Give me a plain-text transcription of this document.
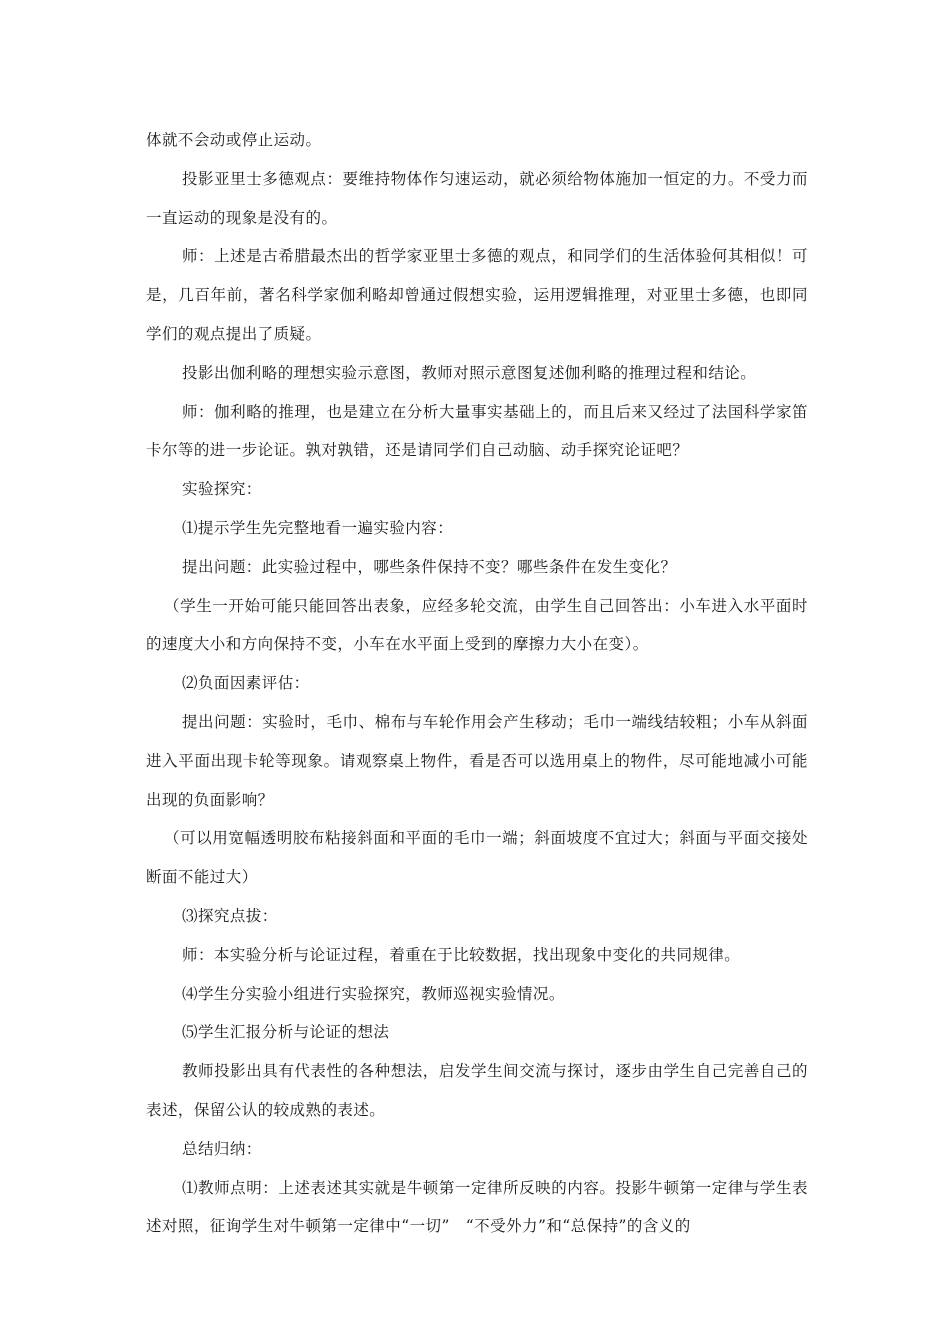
体就不会动或停止运动。

投影亚里士多德观点：要维持物体作匀速运动，就必须给物体施加一恒定的力。不受力而一直运动的现象是没有的。

师：上述是古希腊最杰出的哲学家亚里士多德的观点，和同学们的生活体验何其相似！可是，几百年前，著名科学家伽利略却曾通过假想实验，运用逻辑推理，对亚里士多德，也即同学们的观点提出了质疑。

投影出伽利略的理想实验示意图，教师对照示意图复述伽利略的推理过程和结论。

师：伽利略的推理，也是建立在分析大量事实基础上的，而且后来又经过了法国科学家笛卡尔等的进一步论证。孰对孰错，还是请同学们自己动脑、动手探究论证吧？

实验探究：

⑴提示学生先完整地看一遍实验内容：

提出问题：此实验过程中，哪些条件保持不变？哪些条件在发生变化？

（学生一开始可能只能回答出表象，应经多轮交流，由学生自己回答出：小车进入水平面时的速度大小和方向保持不变，小车在水平面上受到的摩擦力大小在变）。

⑵负面因素评估：

提出问题：实验时，毛巾、棉布与车轮作用会产生移动；毛巾一端线结较粗；小车从斜面进入平面出现卡轮等现象。请观察桌上物件，看是否可以选用桌上的物件，尽可能地减小可能出现的负面影响？

（可以用宽幅透明胶布粘接斜面和平面的毛巾一端；斜面坡度不宜过大；斜面与平面交接处断面不能过大）

⑶探究点拔：

师：本实验分析与论证过程，着重在于比较数据，找出现象中变化的共同规律。

⑷学生分实验小组进行实验探究，教师巡视实验情况。

⑸学生汇报分析与论证的想法

教师投影出具有代表性的各种想法，启发学生间交流与探讨，逐步由学生自己完善自己的表述，保留公认的较成熟的表述。

总结归纳：

⑴教师点明：上述表述其实就是牛顿第一定律所反映的内容。投影牛顿第一定律与学生表述对照，征询学生对牛顿第一定律中“一切”　“不受外力”和“总保持”的含义的
